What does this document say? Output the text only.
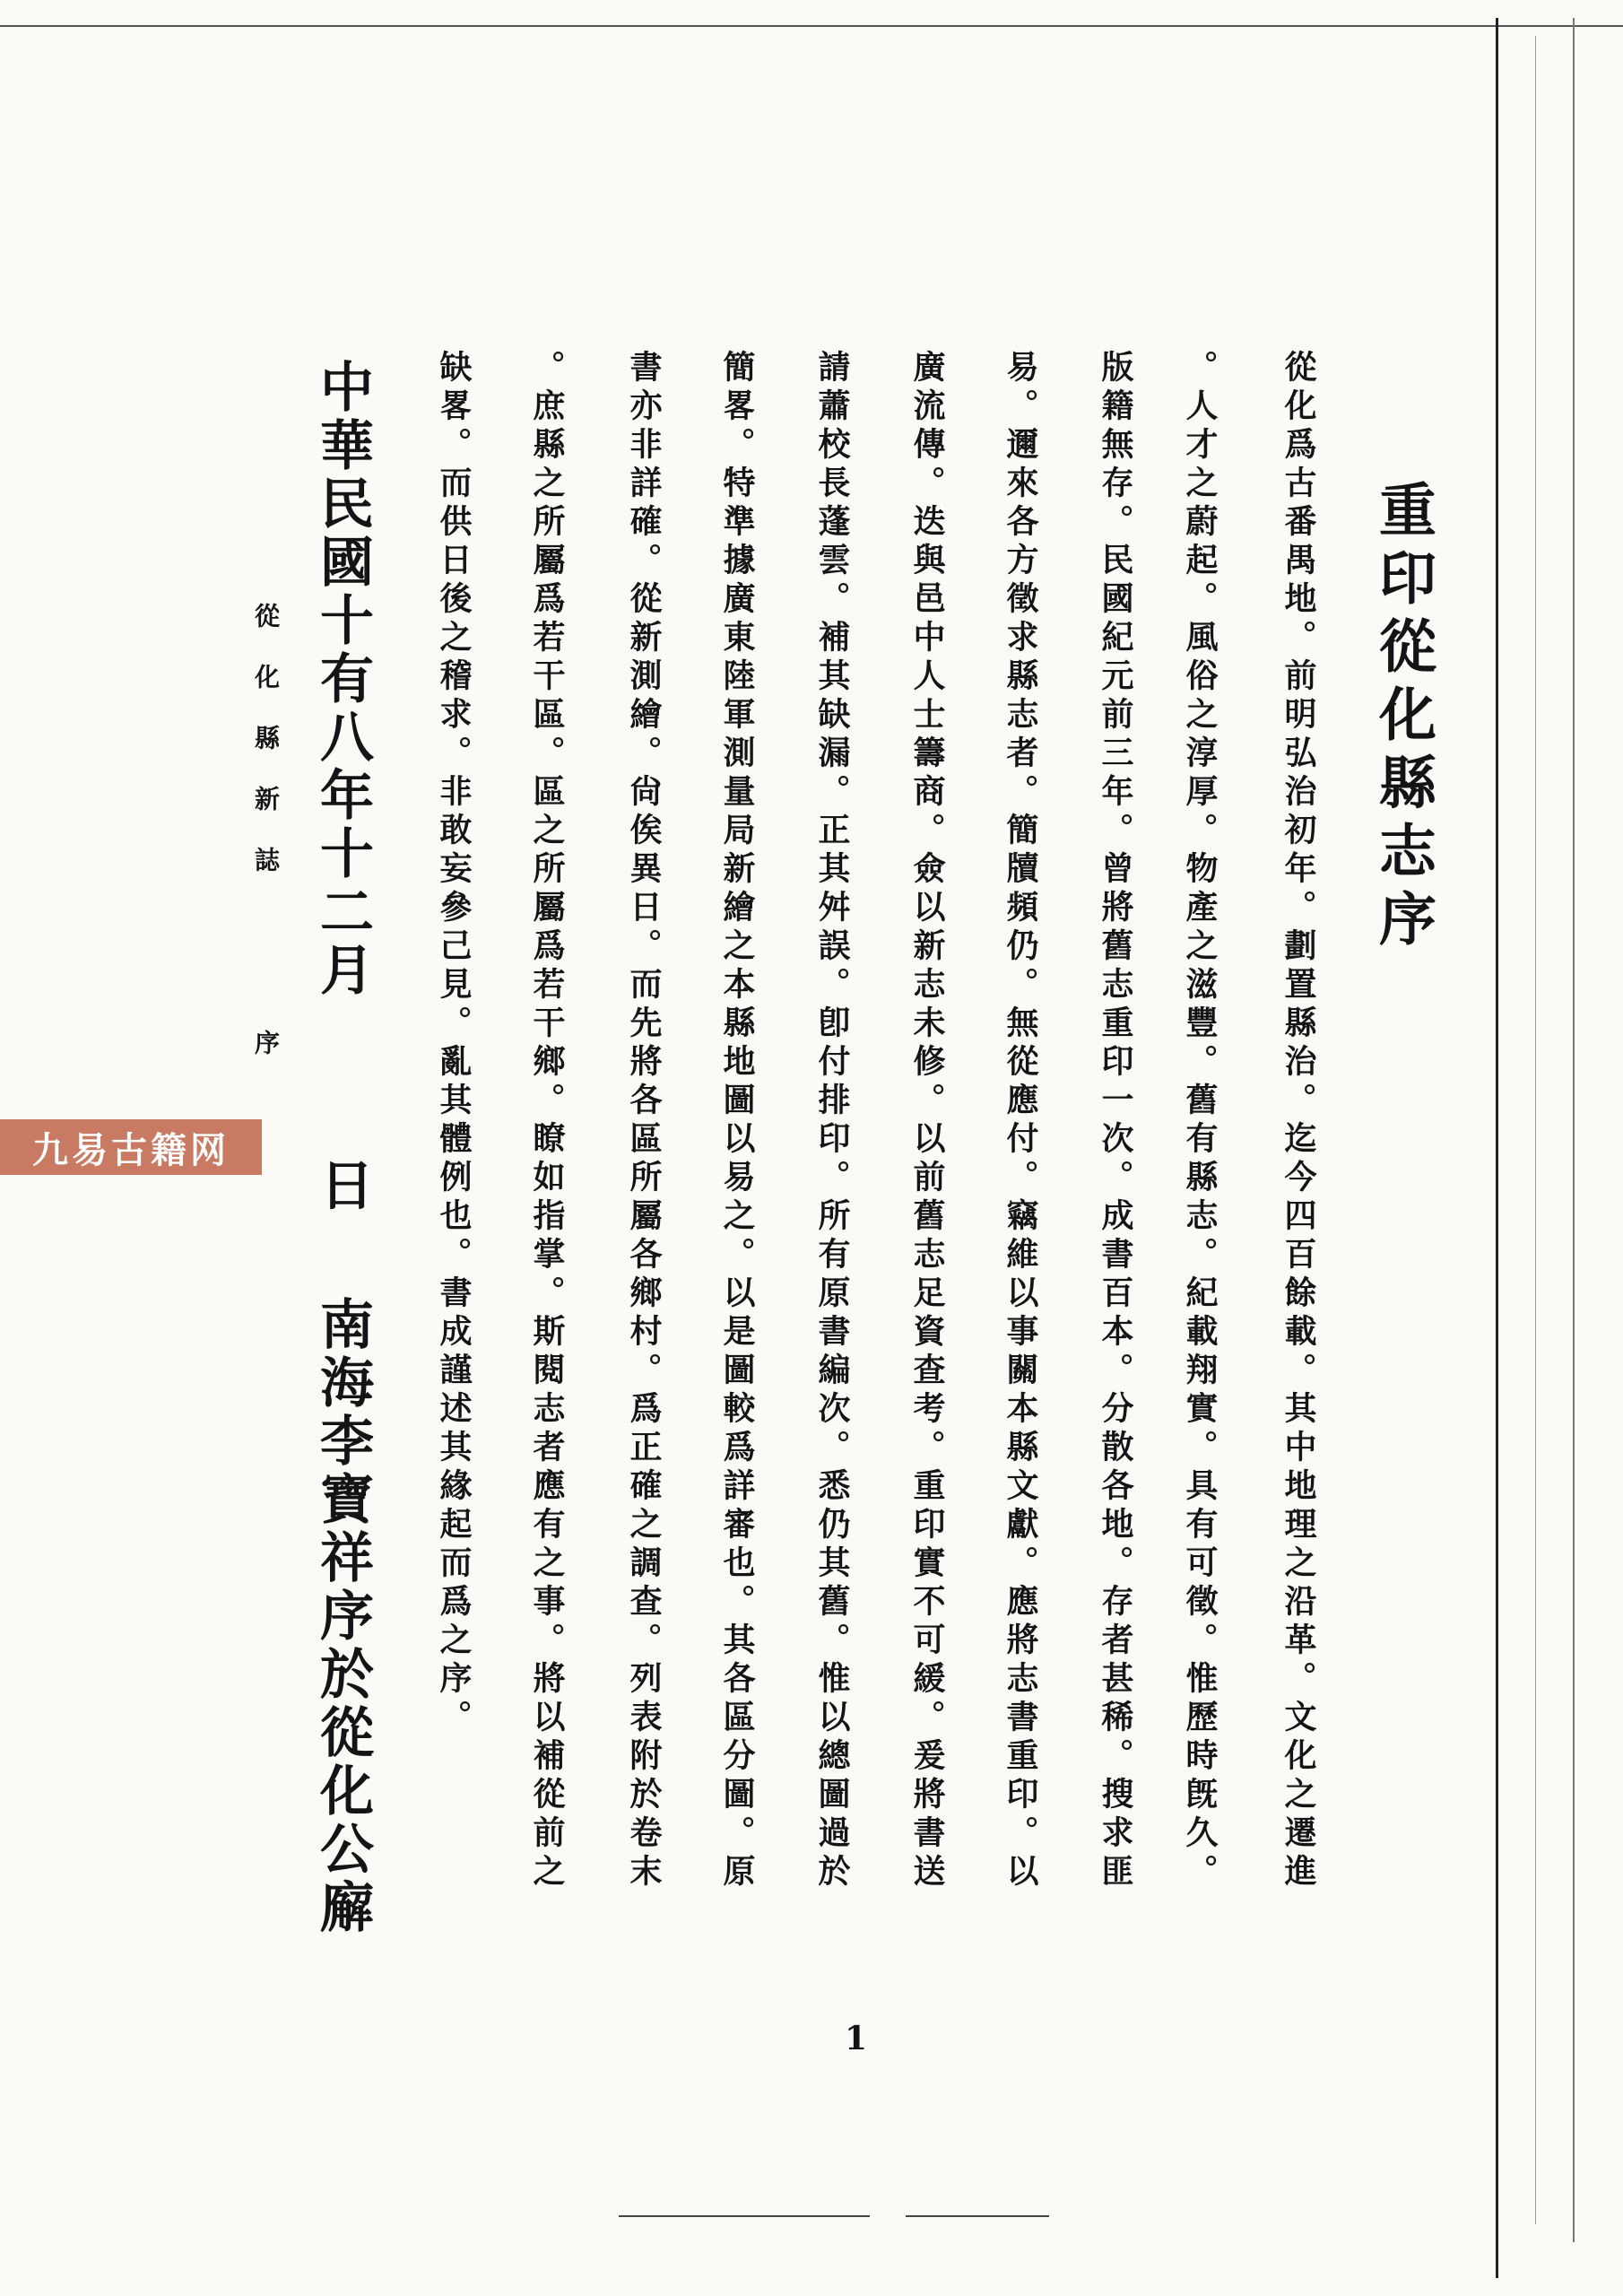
重印從化縣志序
從化爲古番禺地。前明弘治初年。劃置縣治。迄今四百餘載。其中地理之沿革。文化之遷進
。人才之蔚起。風俗之淳厚。物產之滋豐。舊有縣志。紀載翔實。具有可徵。惟歷時旣久。
版籍無存。民國紀元前三年。曾將舊志重印一次。成書百本。分散各地。存者甚稀。搜求匪
易。邇來各方徵求縣志者。簡牘頻仍。無從應付。竊維以事關本縣文獻。應將志書重印。以
廣流傳。迭與邑中人士籌商。僉以新志未修。以前舊志足資查考。重印實不可緩。爰將書送
請蕭校長蓬雲。補其缺漏。正其舛誤。卽付排印。所有原書編次。悉仍其舊。惟以總圖過於
簡畧。特準據廣東陸軍測量局新繪之本縣地圖以易之。以是圖較爲詳審也。其各區分圖。原
書亦非詳確。從新測繪。尙俟異日。而先將各區所屬各鄉村。爲正確之調查。列表附於卷末
。庶縣之所屬爲若干區。區之所屬爲若干鄉。瞭如指掌。斯閱志者應有之事。將以補從前之
缺畧。而供日後之稽求。非敢妄參己見。亂其體例也。書成謹述其緣起而爲之序。
中華民國十有八年十二月
日
南海李寶祥序於從化公廨
從化縣新誌
序
1
九易古籍网
